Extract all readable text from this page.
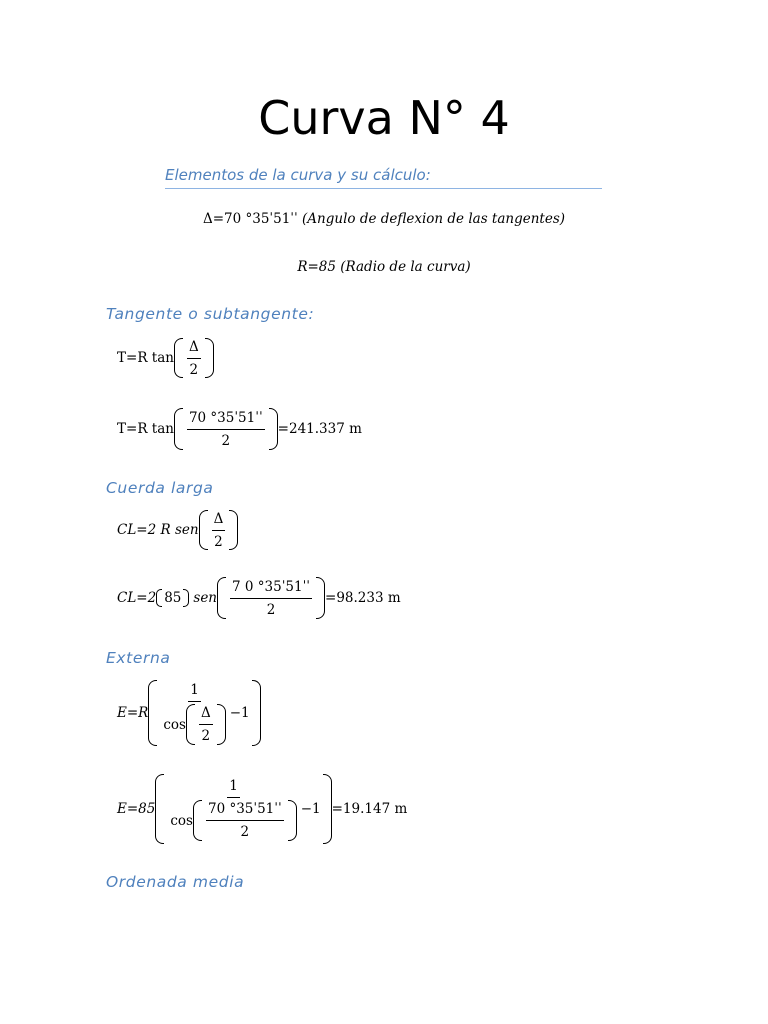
Curva N° 4
Elementos de la curva y su cálculo:
Δ=70 °35ˈ51ˈˈ (Angulo de deflexion de las tangentes)
R=85 (Radio de la curva)
Tangente o subtangente:
T=R $\tan \frac{\Delta}{2}$
T=R $\tan \frac{\text{70 °35ˈ51ˈˈ}}{2} =241.337$ m
Cuerda larga
CL=2 R sen $\frac{\Delta}{2}$
CL=2 85 sen $\frac{\text{7 0 °35ˈ51ˈˈ}}{2} =98.233$ m
Externa
$E=R \frac{1}{\cos \frac{\Delta}{2}} -1$
$E=85 \frac{1}{\cos \frac{\text{70 °35ˈ51ˈˈ}}{2}} -1 =19.147$ m
Ordenada media
